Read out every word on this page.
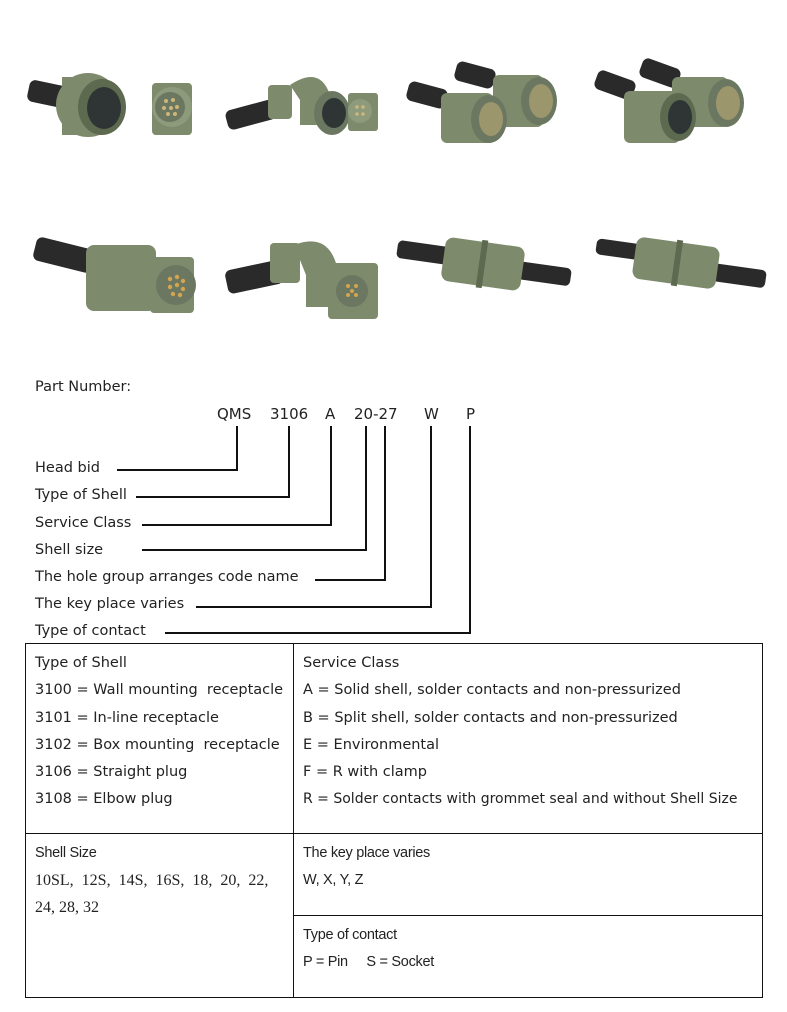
Part Number:
QMS 3106 A 20-27 W P
Head bid
Type of Shell
Service Class
Shell size
The hole group arranges code name
The key place varies
Type of contact
Type of Shell
3100 = Wall mounting  receptacle
3101 = In-line receptacle
3102 = Box mounting  receptacle
3106 = Straight plug
3108 = Elbow plug

Service Class
A = Solid shell, solder contacts and non-pressurized
B = Split shell, solder contacts and non-pressurized
E = Environmental
F = R with clamp
R = Solder contacts with grommet seal and without Shell Size

Shell Size
10SL,  12S,  14S,  16S,  18,  20,  22,
24, 28, 32

The key place varies
W, X, Y, Z

	Type of contact
P = Pin     S = Socket
